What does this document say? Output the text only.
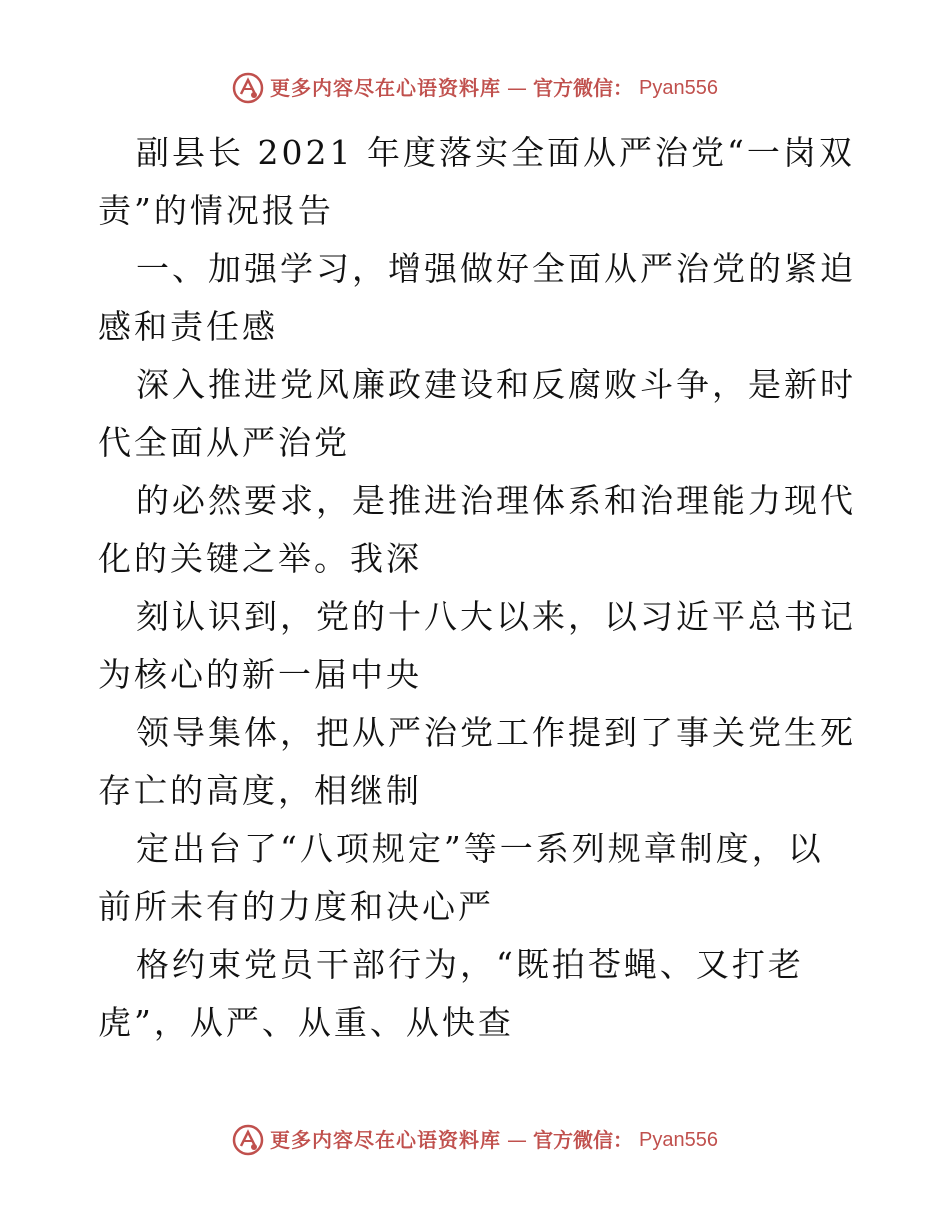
更多内容尽在心语资料库 — 官方微信： Pyan556

副县长 2021 年度落实全面从严治党“一岗双责”的情况报告

一、加强学习，增强做好全面从严治党的紧迫感和责任感

深入推进党风廉政建设和反腐败斗争，是新时代全面从严治党

的必然要求，是推进治理体系和治理能力现代化的关键之举。我深

刻认识到，党的十八大以来，以习近平总书记为核心的新一届中央

领导集体，把从严治党工作提到了事关党生死存亡的高度，相继制

定出台了“八项规定”等一系列规章制度，以前所未有的力度和决心严

格约束党员干部行为，“既拍苍蝇、又打老虎”，从严、从重、从快查

更多内容尽在心语资料库 — 官方微信： Pyan556
